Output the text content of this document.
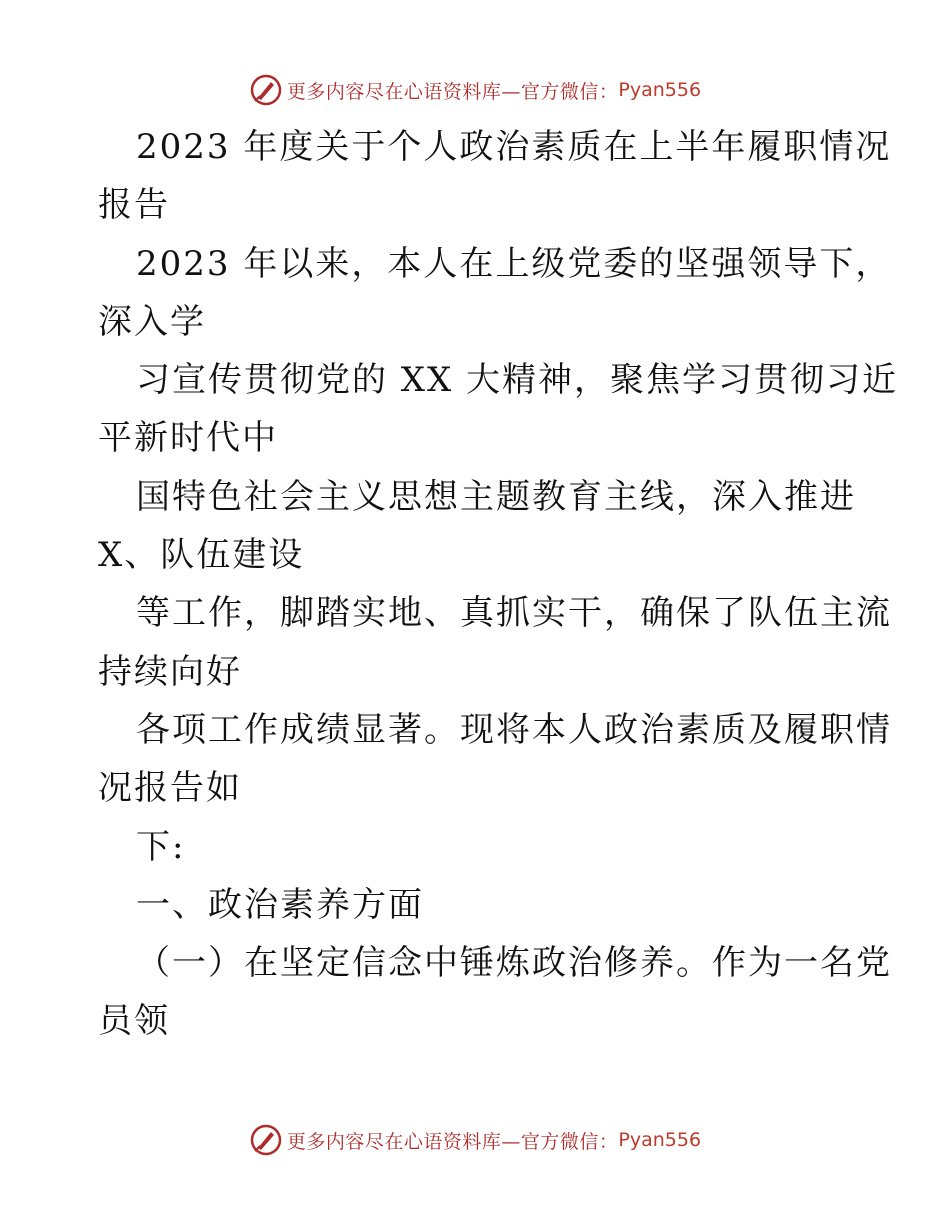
更多内容尽在心语资料库—官方微信： Pyan556
2023 年度关于个人政治素质在上半年履职情况
报告
2023 年以来，本人在上级党委的坚强领导下，
深入学
习宣传贯彻党的 XX 大精神，聚焦学习贯彻习近
平新时代中
国特色社会主义思想主题教育主线，深入推进
X、队伍建设
等工作，脚踏实地、真抓实干，确保了队伍主流
持续向好
各项工作成绩显著。现将本人政治素质及履职情
况报告如
下:
一、政治素养方面
（一）在坚定信念中锤炼政治修养。作为一名党
员领
更多内容尽在心语资料库—官方微信： Pyan556
